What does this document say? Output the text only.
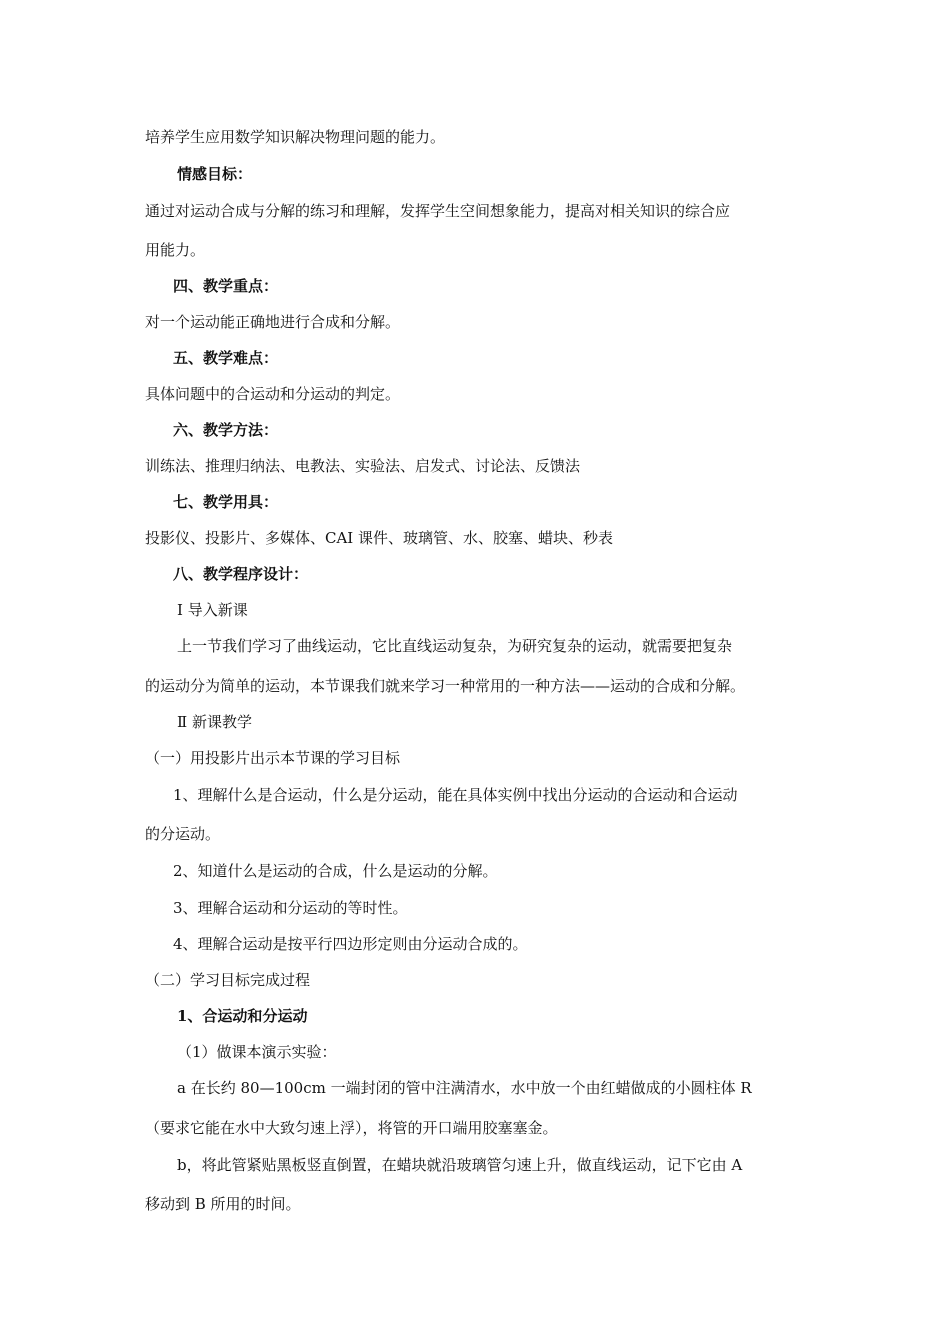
培养学生应用数学知识解决物理问题的能力。
情感目标：
通过对运动合成与分解的练习和理解，发挥学生空间想象能力，提高对相关知识的综合应
用能力。
四、教学重点：
对一个运动能正确地进行合成和分解。
五、教学难点：
具体问题中的合运动和分运动的判定。
六、教学方法：
训练法、推理归纳法、电教法、实验法、启发式、讨论法、反馈法
七、教学用具：
投影仪、投影片、多媒体、CAI 课件、玻璃管、水、胶塞、蜡块、秒表
八、教学程序设计：
Ⅰ 导入新课
上一节我们学习了曲线运动，它比直线运动复杂，为研究复杂的运动，就需要把复杂
的运动分为简单的运动，本节课我们就来学习一种常用的一种方法——运动的合成和分解。
Ⅱ 新课教学
（一）用投影片出示本节课的学习目标
1、理解什么是合运动，什么是分运动，能在具体实例中找出分运动的合运动和合运动
的分运动。
2、知道什么是运动的合成，什么是运动的分解。
3、理解合运动和分运动的等时性。
4、理解合运动是按平行四边形定则由分运动合成的。
（二）学习目标完成过程
1、合运动和分运动
（1）做课本演示实验：
a 在长约 80—100cm 一端封闭的管中注满清水，水中放一个由红蜡做成的小圆柱体 R
（要求它能在水中大致匀速上浮），将管的开口端用胶塞塞金。
b，将此管紧贴黑板竖直倒置，在蜡块就沿玻璃管匀速上升，做直线运动，记下它由 A
移动到 B 所用的时间。
